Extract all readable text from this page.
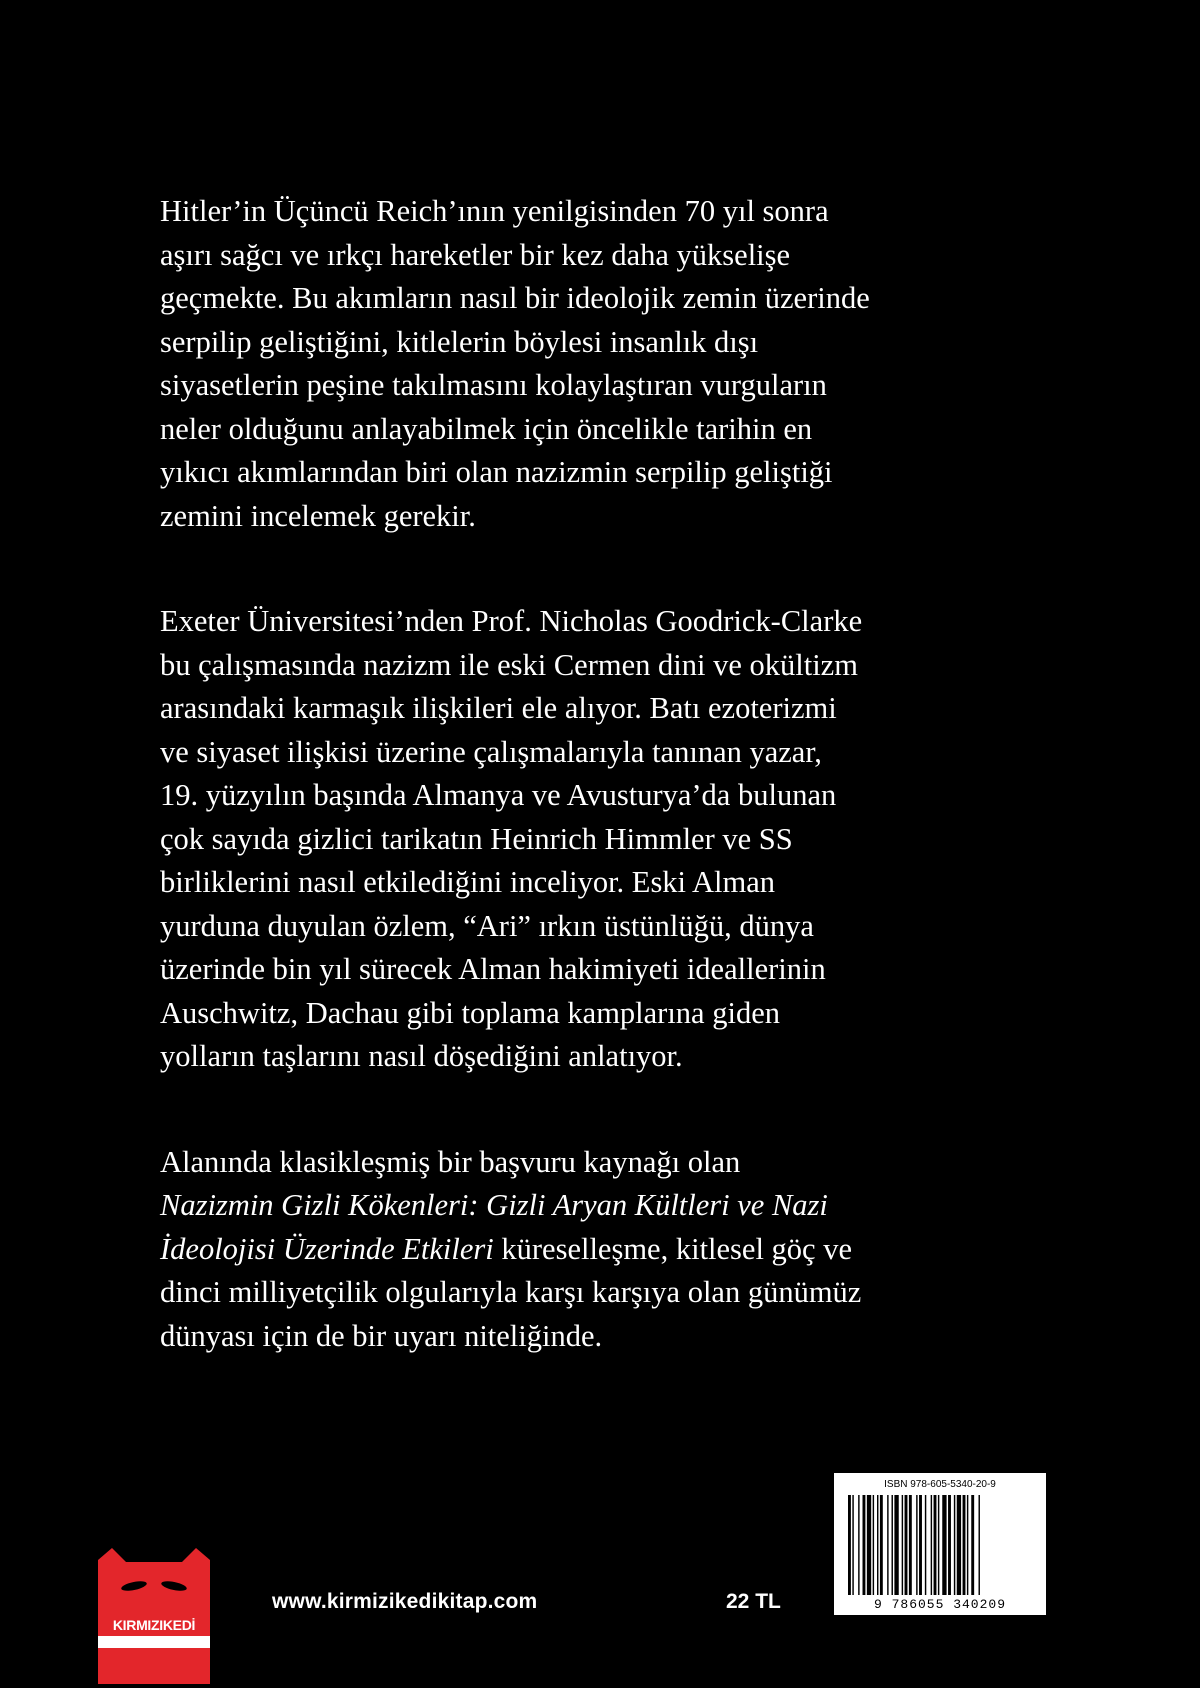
Hitler’in Üçüncü Reich’ının yenilgisinden 70 yıl sonra
aşırı sağcı ve ırkçı hareketler bir kez daha yükselişe
geçmekte. Bu akımların nasıl bir ideolojik zemin üzerinde
serpilip geliştiğini, kitlelerin böylesi insanlık dışı
siyasetlerin peşine takılmasını kolaylaştıran vurguların
neler olduğunu anlayabilmek için öncelikle tarihin en
yıkıcı akımlarından biri olan nazizmin serpilip geliştiği
zemini incelemek gerekir.

Exeter Üniversitesi’nden Prof. Nicholas Goodrick-Clarke
bu çalışmasında nazizm ile eski Cermen dini ve okültizm
arasındaki karmaşık ilişkileri ele alıyor. Batı ezoterizmi
ve siyaset ilişkisi üzerine çalışmalarıyla tanınan yazar,
19. yüzyılın başında Almanya ve Avusturya’da bulunan
çok sayıda gizlici tarikatın Heinrich Himmler ve SS
birliklerini nasıl etkilediğini inceliyor. Eski Alman
yurduna duyulan özlem, “Ari” ırkın üstünlüğü, dünya
üzerinde bin yıl sürecek Alman hakimiyeti ideallerinin
Auschwitz, Dachau gibi toplama kamplarına giden
yolların taşlarını nasıl döşediğini anlatıyor.

Alanında klasikleşmiş bir başvuru kaynağı olan
Nazizmin Gizli Kökenleri: Gizli Aryan Kültleri ve Nazi
İdeolojisi Üzerinde Etkileri küreselleşme, kitlesel göç ve
dinci milliyetçilik olgularıyla karşı karşıya olan günümüz
dünyası için de bir uyarı niteliğinde.

KIRMIZIKEDİ
www.kirmizikedikitap.com	22 TL
ISBN 978-605-5340-20-9
9 786055 340209
